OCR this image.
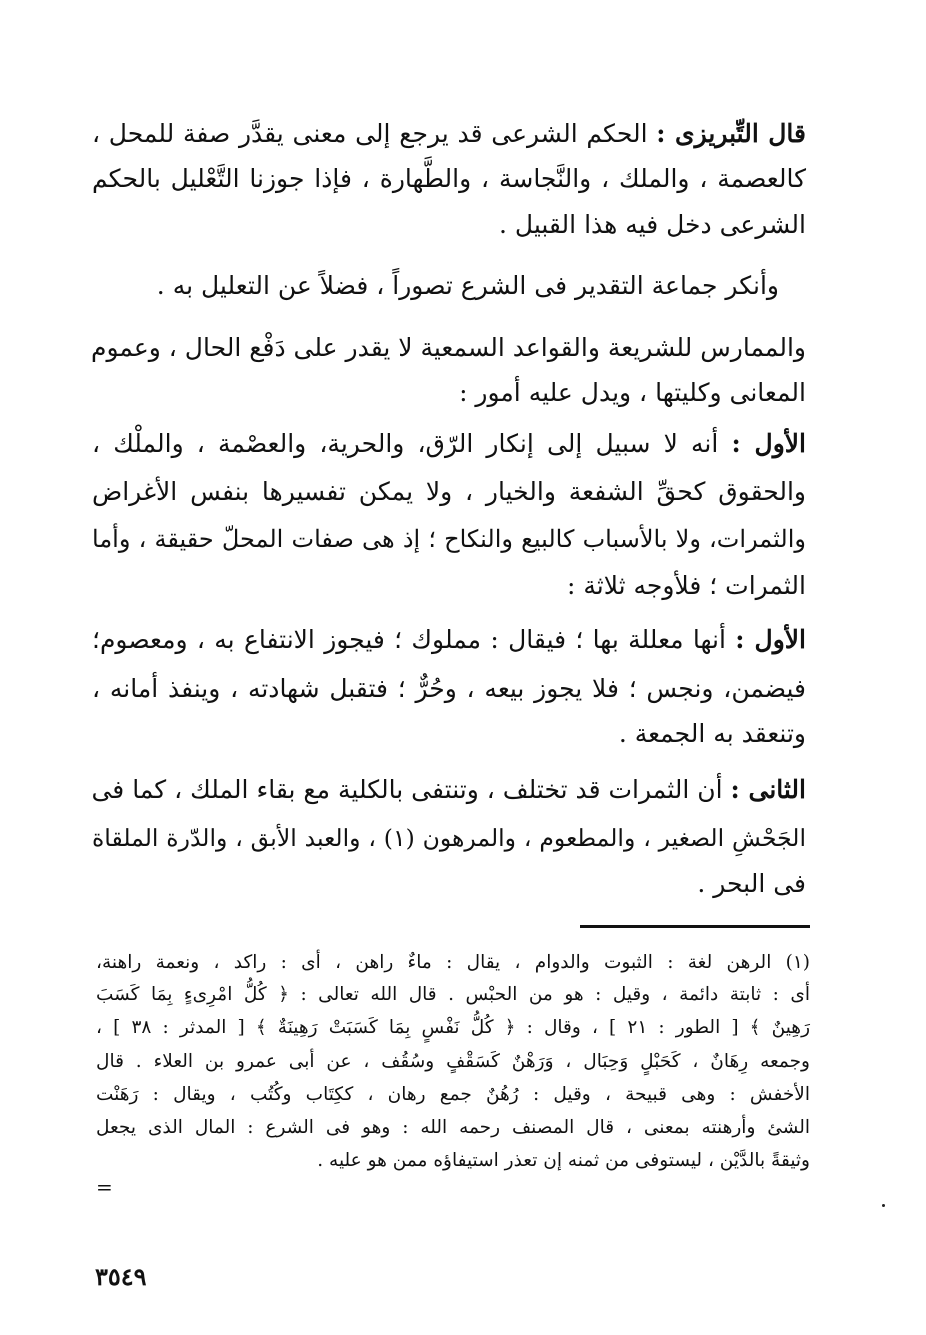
قال التِّبريزى : الحكم الشرعى قد يرجع إلى معنى يقدَّر صفة للمحل ،
كالعصمة ، والملك ، والنَّجاسة ، والطَّهارة ، فإذا جوزنا التَّعْليل بالحكم
الشرعى دخل فيه هذا القبيل .
وأنكر جماعة التقدير فى الشرع تصوراً ، فضلاً عن التعليل به .
والممارس للشريعة والقواعد السمعية لا يقدر على دَفْع الحال ، وعموم
المعانى وكليتها ، ويدل عليه أمور :
الأول : أنه لا سبيل إلى إنكار الرّق، والحرية، والعصْمة ، والملْك ،
والحقوق كحقِّ الشفعة والخيار ، ولا يمكن تفسيرها بنفس الأغراض
والثمرات، ولا بالأسباب كالبيع والنكاح ؛ إذ هى صفات المحلّ حقيقة ، وأما
الثمرات ؛ فلأوجه ثلاثة :
الأول : أنها معللة بها ؛ فيقال : مملوك ؛ فيجوز الانتفاع به ، ومعصوم؛
فيضمن، ونجس ؛ فلا يجوز بيعه ، وحُرٌّ ؛ فتقبل شهادته ، وينفذ أمانه ،
وتنعقد به الجمعة .
الثانى : أن الثمرات قد تختلف ، وتنتفى بالكلية مع بقاء الملك ، كما فى
الجَحْشِ الصغير ، والمطعوم ، والمرهون (١) ، والعبد الأبق ، والدّرة الملقاة
فى البحر .
(١) الرهن لغة : الثبوت والدوام ، يقال : ماءٌ راهن ، أى : راكد ، ونعمة راهنة،
أى : ثابتة دائمة ، وقيل : هو من الحبْس . قال الله تعالى : ﴿ كُلُّ امْرِىءٍ بِمَا كَسَبَ
رَهِينٌ ﴾ [ الطور : ٢١ ] ، وقال : ﴿ كُلُّ نَفْسٍ بِمَا كَسَبَتْ رَهِينَةٌ ﴾ [ المدثر : ٣٨ ] ،
وجمعه رِهَانٌ ، كَحَبْلٍ وَحِبَال ، وَرَهْنٌ كَسَقْفٍ وسُقُف ، عن أبى عمرو بن العلاء . قال
الأخفش : وهى قبيحة ، وقيل : رُهُنٌ جمع رهان ، ككِتَاب وكُتُب ، ويقال : رَهَنْت
الشئ وأرهنته بمعنى ، قال المصنف رحمه الله : وهو فى الشرع : المال الذى يجعل
وثيقةً بالدَّيْن ، ليستوفى من ثمنه إن تعذر استيفاؤه ممن هو عليه .
=
٣٥٤٩
